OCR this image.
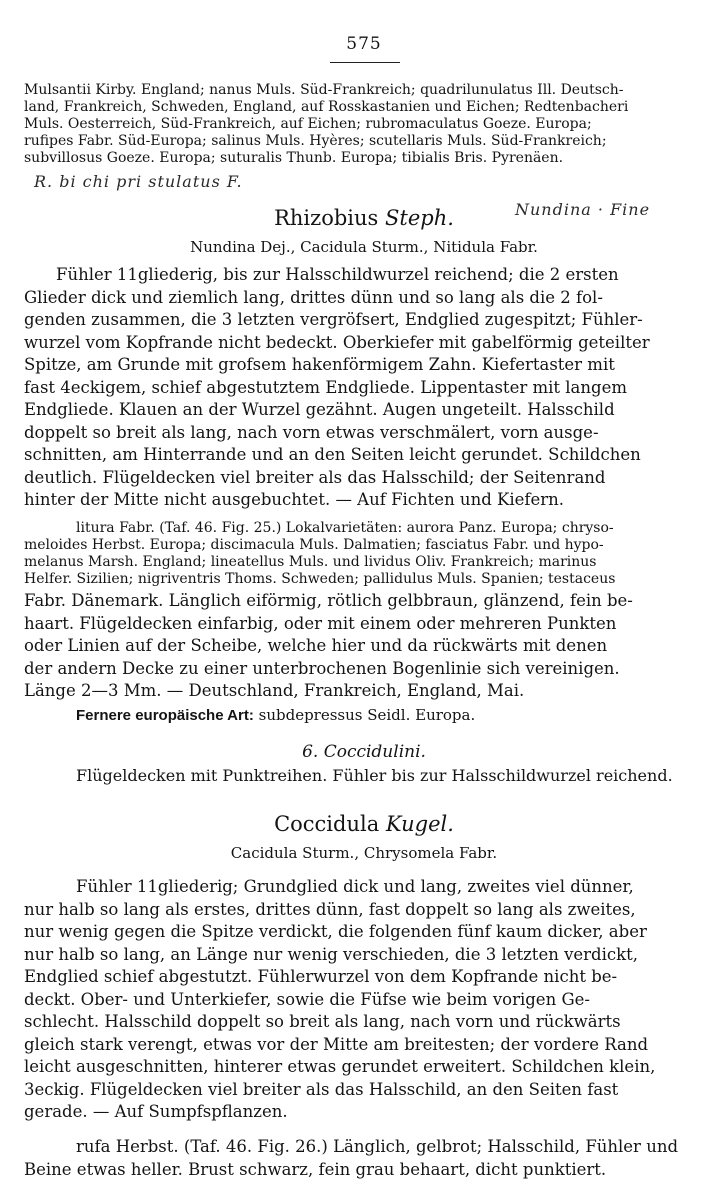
575
Mulsantii Kirby. England; nanus Muls. Süd-Frankreich; quadrilunulatus Ill. Deutsch-
land, Frankreich, Schweden, England, auf Rosskastanien und Eichen; Redtenbacheri
Muls. Oesterreich, Süd-Frankreich, auf Eichen; rubromaculatus Goeze. Europa;
rufipes Fabr. Süd-Europa; salinus Muls. Hyères; scutellaris Muls. Süd-Frankreich;
subvillosus Goeze. Europa; suturalis Thunb. Europa; tibialis Bris. Pyrenäen.
R. bi chi pri stulatus F.
Nundina · Fine
Rhizobius Steph.
Nundina Dej., Cacidula Sturm., Nitidula Fabr.
Fühler 11gliederig, bis zur Halsschildwurzel reichend; die 2 ersten
Glieder dick und ziemlich lang, drittes dünn und so lang als die 2 fol-
genden zusammen, die 3 letzten vergröfsert, Endglied zugespitzt; Fühler-
wurzel vom Kopfrande nicht bedeckt. Oberkiefer mit gabelförmig geteilter
Spitze, am Grunde mit grofsem hakenförmigem Zahn. Kiefertaster mit
fast 4eckigem, schief abgestutztem Endgliede. Lippentaster mit langem
Endgliede. Klauen an der Wurzel gezähnt. Augen ungeteilt. Halsschild
doppelt so breit als lang, nach vorn etwas verschmälert, vorn ausge-
schnitten, am Hinterrande und an den Seiten leicht gerundet. Schildchen
deutlich. Flügeldecken viel breiter als das Halsschild; der Seitenrand
hinter der Mitte nicht ausgebuchtet. — Auf Fichten und Kiefern.
litura Fabr. (Taf. 46. Fig. 25.) Lokalvarietäten: aurora Panz. Europa; chryso-
meloides Herbst. Europa; discimacula Muls. Dalmatien; fasciatus Fabr. und hypo-
melanus Marsh. England; lineatellus Muls. und lividus Oliv. Frankreich; marinus
Helfer. Sizilien; nigriventris Thoms. Schweden; pallidulus Muls. Spanien; testaceus
Fabr. Dänemark. Länglich eiförmig, rötlich gelbbraun, glänzend, fein be-
haart. Flügeldecken einfarbig, oder mit einem oder mehreren Punkten
oder Linien auf der Scheibe, welche hier und da rückwärts mit denen
der andern Decke zu einer unterbrochenen Bogenlinie sich vereinigen.
Länge 2—3 Mm. — Deutschland, Frankreich, England, Mai.
Fernere europäische Art: subdepressus Seidl. Europa.
6. Coccidulini.
Flügeldecken mit Punktreihen. Fühler bis zur Halsschildwurzel reichend.
Coccidula Kugel.
Cacidula Sturm., Chrysomela Fabr.
Fühler 11gliederig; Grundglied dick und lang, zweites viel dünner,
nur halb so lang als erstes, drittes dünn, fast doppelt so lang als zweites,
nur wenig gegen die Spitze verdickt, die folgenden fünf kaum dicker, aber
nur halb so lang, an Länge nur wenig verschieden, die 3 letzten verdickt,
Endglied schief abgestutzt. Fühlerwurzel von dem Kopfrande nicht be-
deckt. Ober- und Unterkiefer, sowie die Füfse wie beim vorigen Ge-
schlecht. Halsschild doppelt so breit als lang, nach vorn und rückwärts
gleich stark verengt, etwas vor der Mitte am breitesten; der vordere Rand
leicht ausgeschnitten, hinterer etwas gerundet erweitert. Schildchen klein,
3eckig. Flügeldecken viel breiter als das Halsschild, an den Seiten fast
gerade. — Auf Sumpfspflanzen.
rufa Herbst. (Taf. 46. Fig. 26.) Länglich, gelbrot; Halsschild, Fühler und
Beine etwas heller. Brust schwarz, fein grau behaart, dicht punktiert.
